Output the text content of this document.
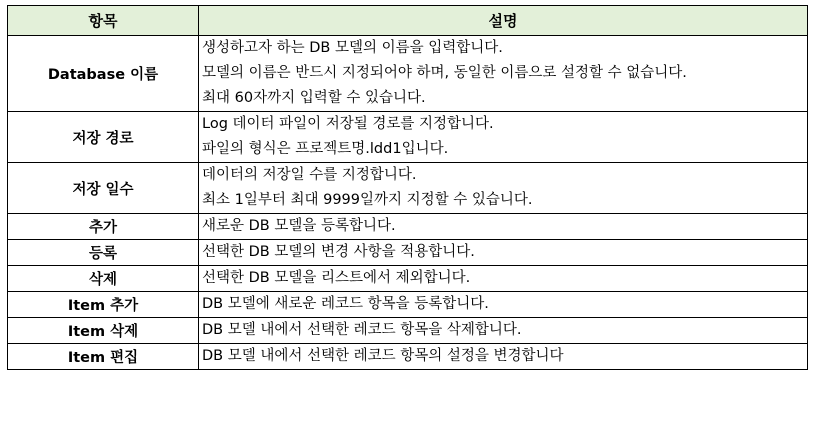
항목	설명
Database 이름	생성하고자 하는 DB 모델의 이름을 입력합니다.
모델의 이름은 반드시 지정되어야 하며, 동일한 이름으로 설정할 수 없습니다.
최대 60자까지 입력할 수 있습니다.

저장 경로	Log 데이터 파일이 저장될 경로를 지정합니다.
파일의 형식은 프로젝트명.ldd1입니다.

저장 일수	데이터의 저장일 수를 지정합니다.
최소 1일부터 최대 9999일까지 지정할 수 있습니다.

추가	새로운 DB 모델을 등록합니다.

등록	선택한 DB 모델의 변경 사항을 적용합니다.

삭제	선택한 DB 모델을 리스트에서 제외합니다.

Item 추가	DB 모델에 새로운 레코드 항목을 등록합니다.

Item 삭제	DB 모델 내에서 선택한 레코드 항목을 삭제합니다.

Item 편집	DB 모델 내에서 선택한 레코드 항목의 설정을 변경합니다
